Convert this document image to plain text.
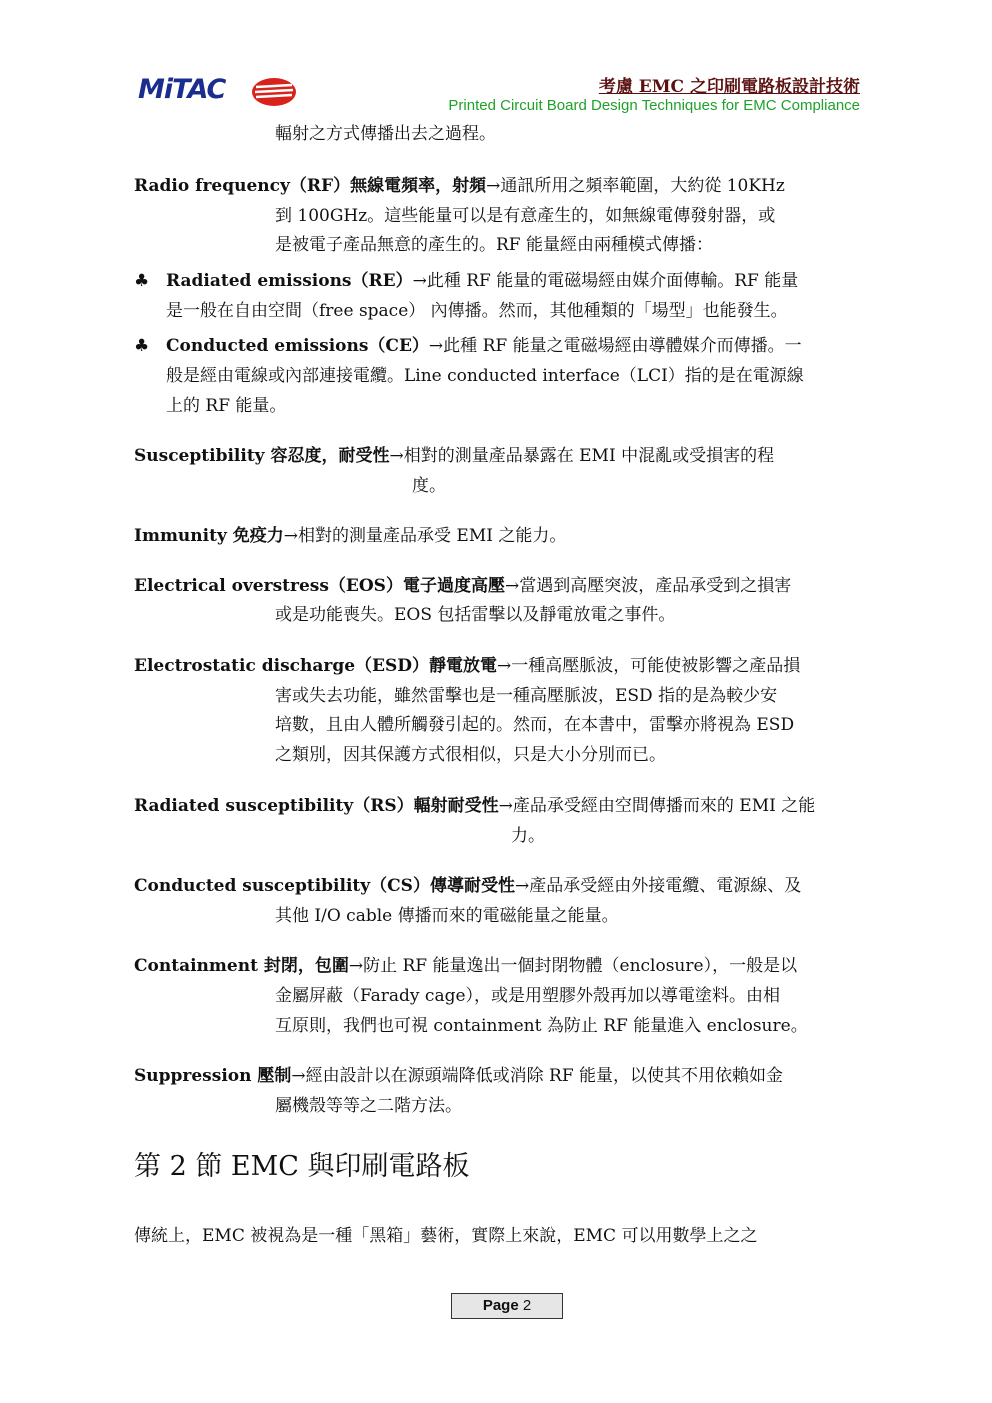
MiTAC	考慮 EMC 之印刷電路板設計技術
Printed Circuit Board Design Techniques for EMC Compliance
輻射之方式傳播出去之過程。
Radio frequency（RF）無線電頻率，射頻→通訊所用之頻率範圍，大約從 10KHz
到 100GHz。這些能量可以是有意產生的，如無線電傳發射器，或
是被電子產品無意的產生的。RF 能量經由兩種模式傳播：
♣ Radiated emissions（RE）→此種 RF 能量的電磁場經由媒介面傳輸。RF 能量
是一般在自由空間（free space） 內傳播。然而，其他種類的「場型」也能發生。
♣ Conducted emissions（CE）→此種 RF 能量之電磁場經由導體媒介而傳播。一
般是經由電線或內部連接電纜。Line conducted interface（LCI）指的是在電源線
上的 RF 能量。
Susceptibility 容忍度，耐受性→相對的測量產品暴露在 EMI 中混亂或受損害的程
度。
Immunity 免疫力→相對的測量產品承受 EMI 之能力。
Electrical overstress（EOS）電子過度高壓→當遇到高壓突波，產品承受到之損害
或是功能喪失。EOS 包括雷擊以及靜電放電之事件。
Electrostatic discharge（ESD）靜電放電→一種高壓脈波，可能使被影響之產品損
害或失去功能，雖然雷擊也是一種高壓脈波，ESD 指的是為較少安
培數，且由人體所觸發引起的。然而，在本書中，雷擊亦將視為 ESD
之類別，因其保護方式很相似，只是大小分別而已。
Radiated susceptibility（RS）輻射耐受性→產品承受經由空間傳播而來的 EMI 之能
力。
Conducted susceptibility（CS）傳導耐受性→產品承受經由外接電纜、電源線、及
其他 I/O cable 傳播而來的電磁能量之能量。
Containment 封閉，包圍→防止 RF 能量逸出一個封閉物體（enclosure），一般是以
金屬屏蔽（Farady cage），或是用塑膠外殼再加以導電塗料。由相
互原則，我們也可視 containment 為防止 RF 能量進入 enclosure。
Suppression 壓制→經由設計以在源頭端降低或消除 RF 能量，以使其不用依賴如金
屬機殼等等之二階方法。
第 2 節 EMC 與印刷電路板
傳統上，EMC 被視為是一種「黑箱」藝術，實際上來說，EMC 可以用數學上之之
Page 2
